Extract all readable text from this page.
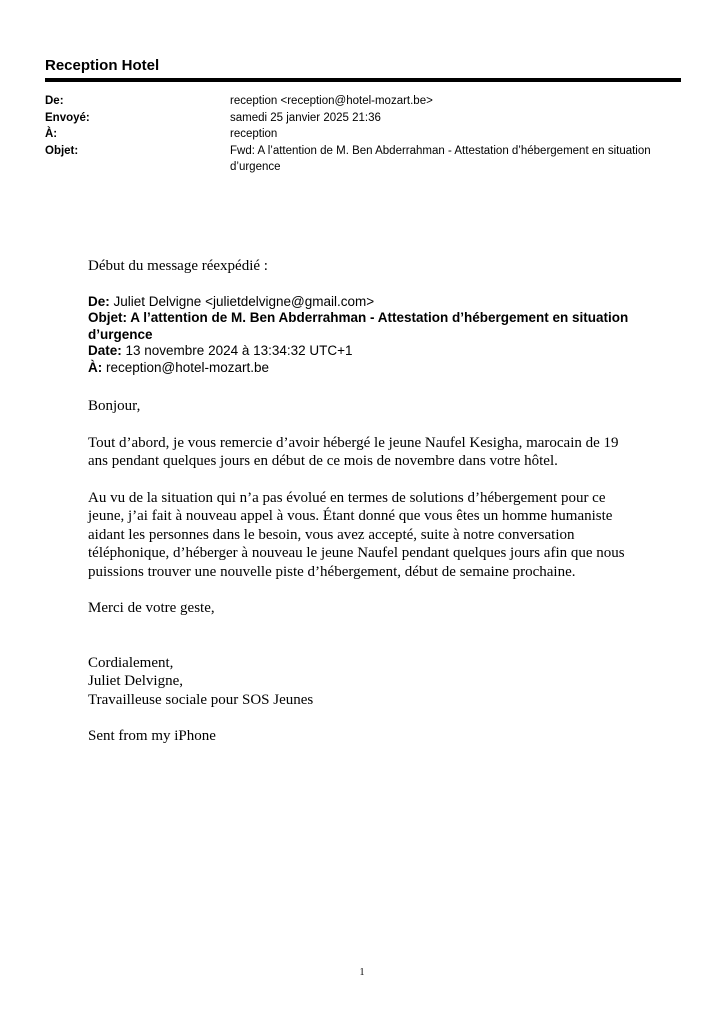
Reception Hotel
De:	reception <reception@hotel-mozart.be>
Envoyé:	samedi 25 janvier 2025 21:36
À:	reception
Objet:	Fwd: A l’attention de M. Ben Abderrahman - Attestation d’hébergement en situation d’urgence
Début du message réexpédié :
De: Juliet Delvigne <julietdelvigne@gmail.com>
Objet: A l’attention de M. Ben Abderrahman - Attestation d’hébergement en situation d’urgence
Date: 13 novembre 2024 à 13:34:32 UTC+1
À: reception@hotel-mozart.be
Bonjour,

Tout d’abord, je vous remercie d’avoir hébergé le jeune Naufel Kesigha, marocain de 19 ans pendant quelques jours en début de ce mois de novembre dans votre hôtel.

Au vu de la situation qui n’a pas évolué en termes de solutions d’hébergement pour ce jeune, j’ai fait à nouveau appel à vous. Étant donné que vous êtes un homme humaniste aidant les personnes dans le besoin, vous avez accepté, suite à notre conversation téléphonique, d’héberger à nouveau le jeune Naufel pendant quelques jours afin que nous puissions trouver une nouvelle piste d’hébergement, début de semaine prochaine.

Merci de votre geste,
Cordialement,
Juliet Delvigne,
Travailleuse sociale pour SOS Jeunes
Sent from my iPhone
1
